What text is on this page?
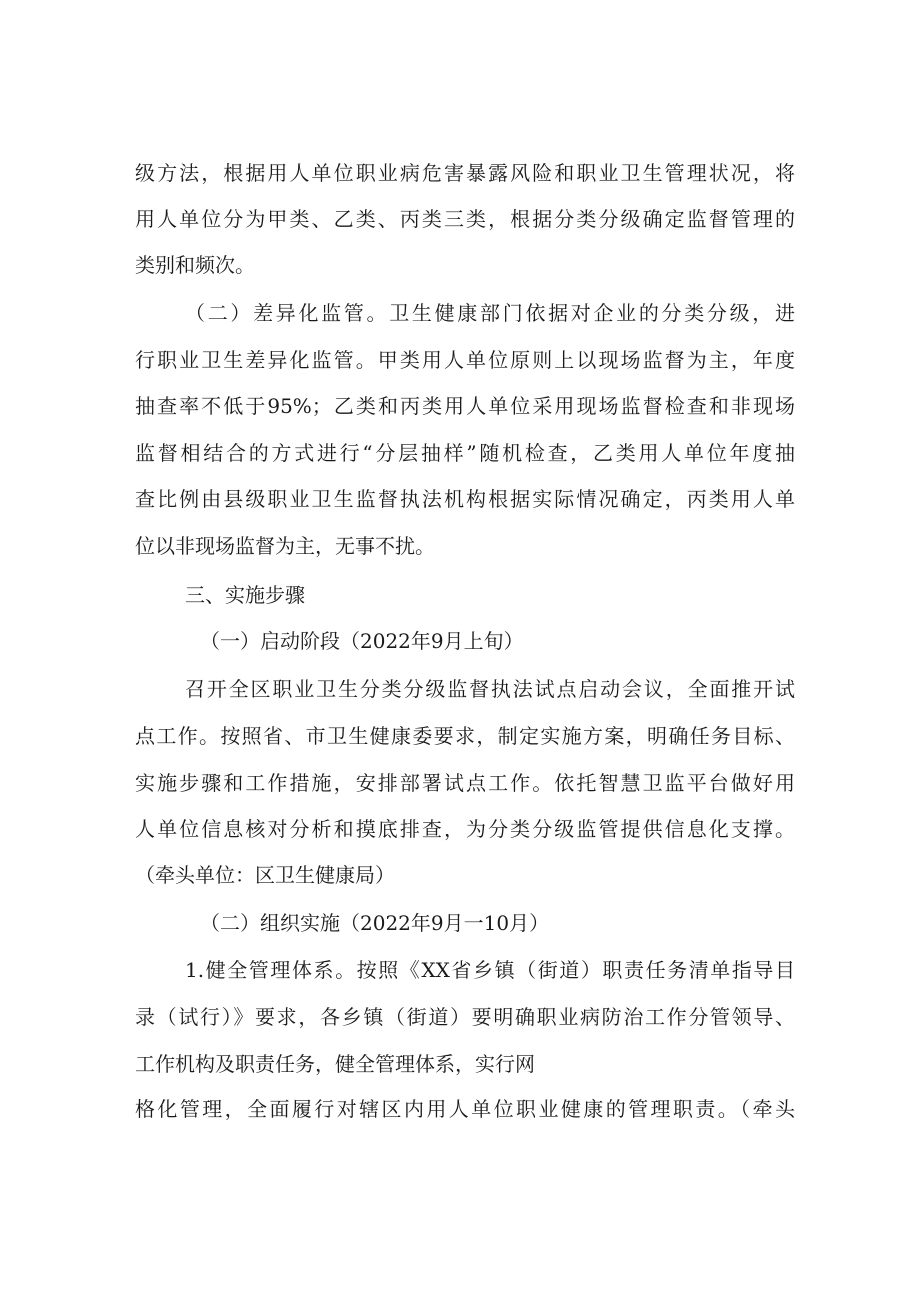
级方法，根据用人单位职业病危害暴露风险和职业卫生管理状况，将
用人单位分为甲类、乙类、丙类三类，根据分类分级确定监督管理的
类别和频次。
（二）差异化监管。卫生健康部门依据对企业的分类分级，进
行职业卫生差异化监管。甲类用人单位原则上以现场监督为主，年度
抽查率不低于95%；乙类和丙类用人单位采用现场监督检查和非现场
监督相结合的方式进行“分层抽样”随机检查，乙类用人单位年度抽
查比例由县级职业卫生监督执法机构根据实际情况确定，丙类用人单
位以非现场监督为主，无事不扰。
三、实施步骤
（一）启动阶段（2022年9月上旬）
召开全区职业卫生分类分级监督执法试点启动会议，全面推开试
点工作。按照省、市卫生健康委要求，制定实施方案，明确任务目标、
实施步骤和工作措施，安排部署试点工作。依托智慧卫监平台做好用
人单位信息核对分析和摸底排查，为分类分级监管提供信息化支撑。
（牵头单位：区卫生健康局）
（二）组织实施（2022年9月一10月）
1.健全管理体系。按照《XX省乡镇（街道）职责任务清单指导目
录（试行）》要求，各乡镇（街道）要明确职业病防治工作分管领导、
工作机构及职责任务，健全管理体系，实行网
格化管理，全面履行对辖区内用人单位职业健康的管理职责。（牵头
